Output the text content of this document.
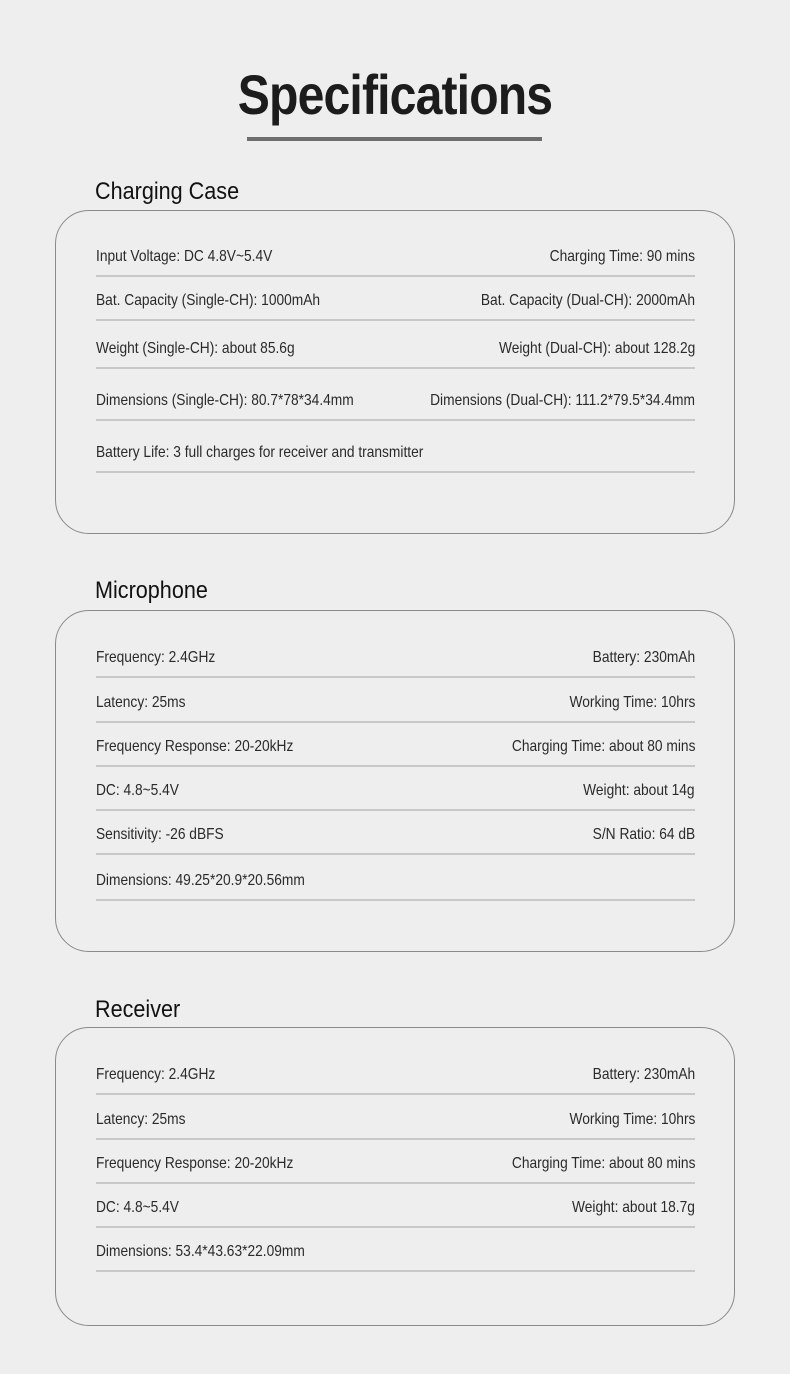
Specifications
Charging Case
Input Voltage: DC 4.8V~5.4V	Charging Time: 90 mins
Bat. Capacity (Single-CH): 1000mAh	Bat. Capacity (Dual-CH): 2000mAh
Weight (Single-CH): about 85.6g	Weight (Dual-CH): about 128.2g
Dimensions (Single-CH): 80.7*78*34.4mm	Dimensions (Dual-CH): 111.2*79.5*34.4mm
Battery Life: 3 full charges for receiver and transmitter
Microphone
Frequency: 2.4GHz	Battery: 230mAh
Latency: 25ms	Working Time: 10hrs
Frequency Response: 20-20kHz	Charging Time: about 80 mins
DC: 4.8~5.4V	Weight: about 14g
Sensitivity: -26 dBFS	S/N Ratio: 64 dB
Dimensions: 49.25*20.9*20.56mm
Receiver
Frequency: 2.4GHz	Battery: 230mAh
Latency: 25ms	Working Time: 10hrs
Frequency Response: 20-20kHz	Charging Time: about 80 mins
DC: 4.8~5.4V	Weight: about 18.7g
Dimensions: 53.4*43.63*22.09mm
